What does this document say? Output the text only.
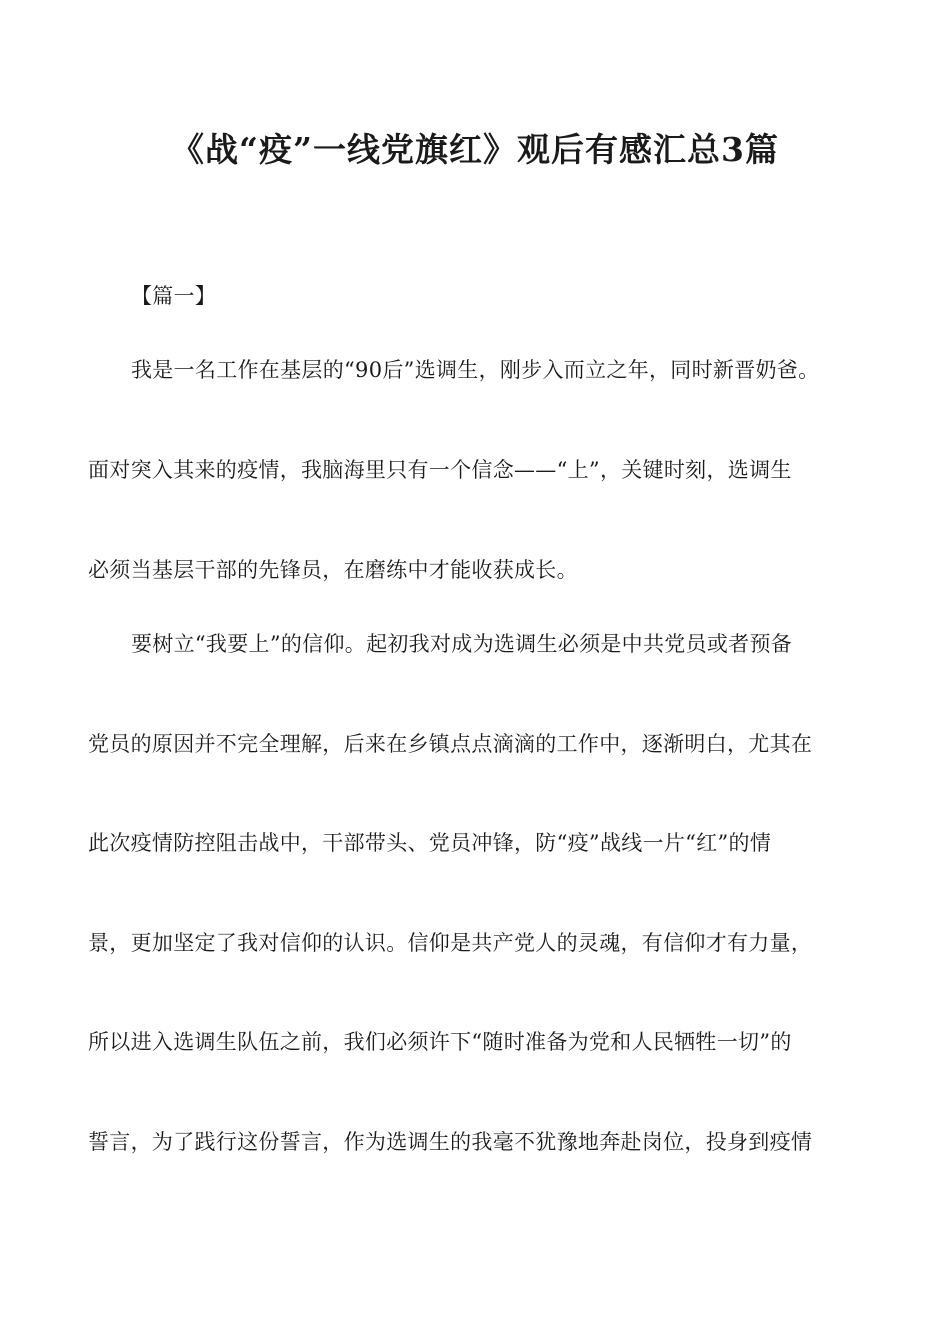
《战“疫”一线党旗红》观后有感汇总3篇
【篇一】
我是一名工作在基层的“90后”选调生，刚步入而立之年，同时新晋奶爸。
面对突入其来的疫情，我脑海里只有一个信念——“上”，关键时刻，选调生
必须当基层干部的先锋员，在磨练中才能收获成长。
要树立“我要上”的信仰。起初我对成为选调生必须是中共党员或者预备
党员的原因并不完全理解，后来在乡镇点点滴滴的工作中，逐渐明白，尤其在
此次疫情防控阻击战中，干部带头、党员冲锋，防“疫”战线一片“红”的情
景，更加坚定了我对信仰的认识。信仰是共产党人的灵魂，有信仰才有力量，
所以进入选调生队伍之前，我们必须许下“随时准备为党和人民牺牲一切”的
誓言，为了践行这份誓言，作为选调生的我毫不犹豫地奔赴岗位，投身到疫情
